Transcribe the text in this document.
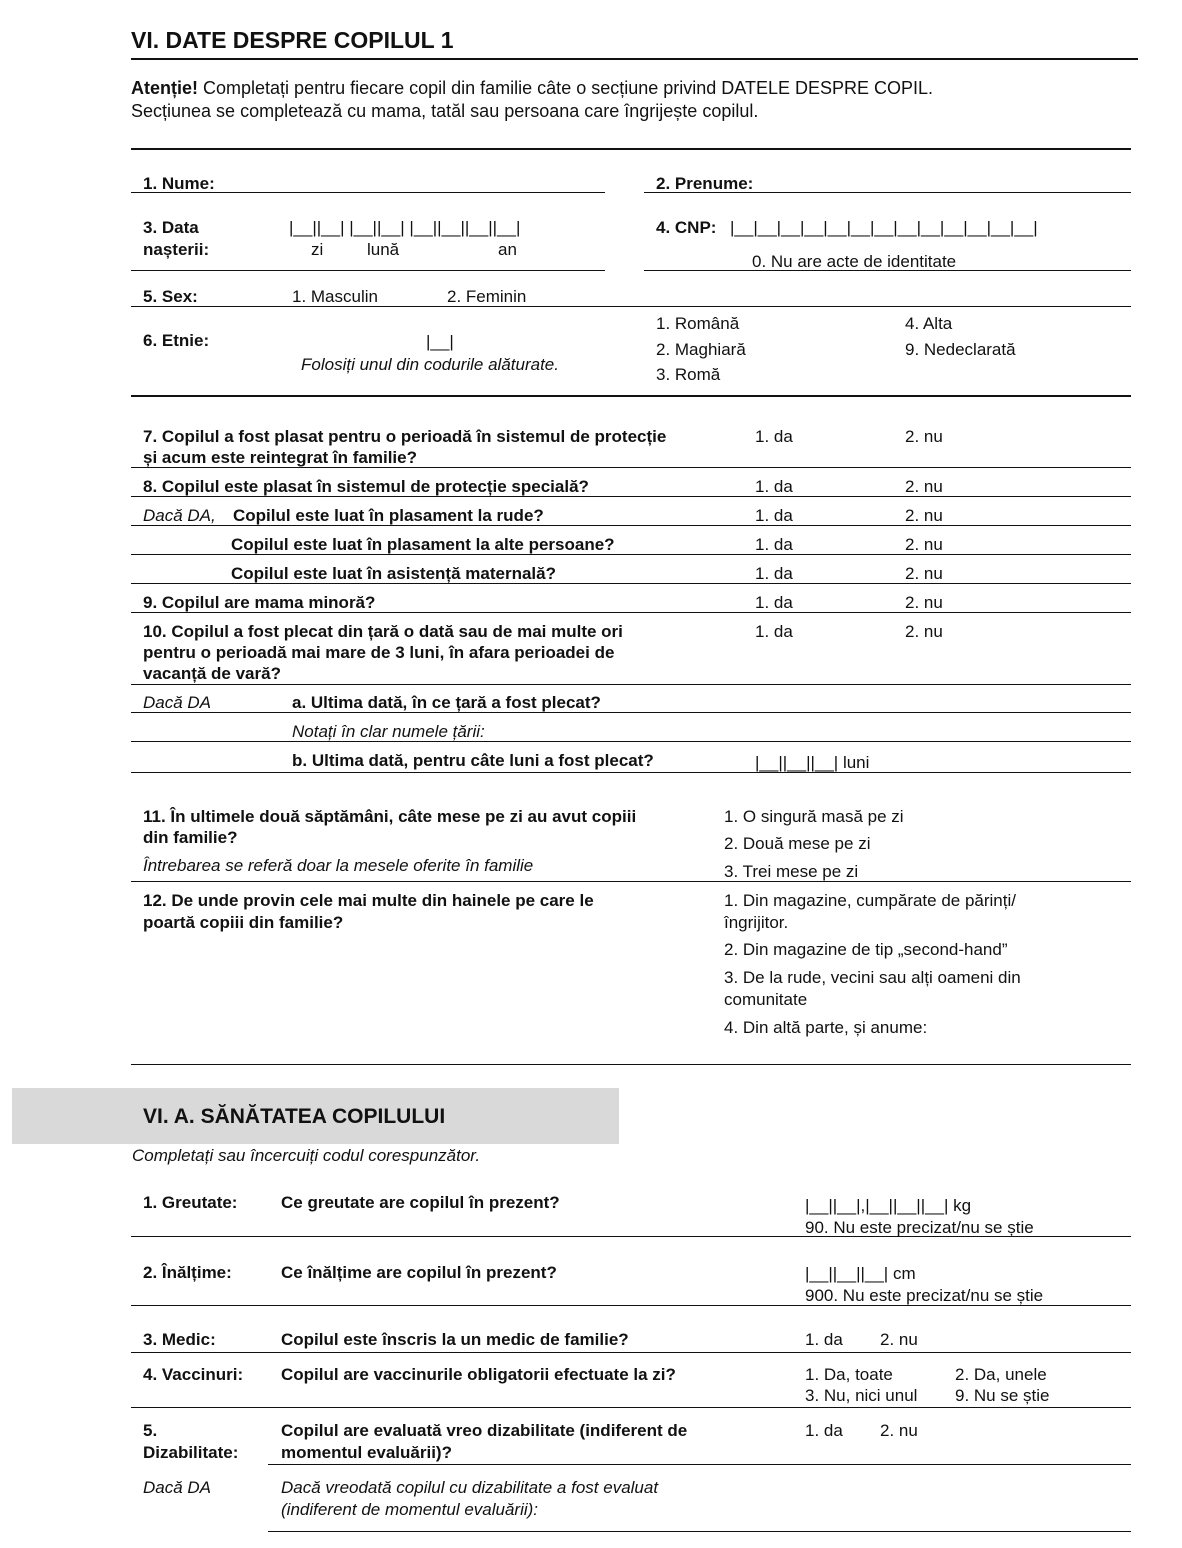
VI. DATE DESPRE COPILUL 1
Atenție! Completați pentru fiecare copil din familie câte o secțiune privind DATELE DESPRE COPIL.
Secțiunea se completează cu mama, tatăl sau persoana care îngrijește copilul.
1. Nume:	2. Prenume:
3. Data
nașterii:
|__||__| |__||__| |__||__||__||__|
zi	lună	an
4. CNP: |__|__|__|__|__|__|__|__|__|__|__|__|__|
0. Nu are acte de identitate
5. Sex:	1. Masculin	2. Feminin
6. Etnie:	|__|
Folosiți unul din codurile alăturate.
1. Română
2. Maghiară
3. Romă
4. Alta
9. Nedeclarată
7. Copilul a fost plasat pentru o perioadă în sistemul de protecție
și acum este reintegrat în familie?
1. da	2. nu
8. Copilul este plasat în sistemul de protecție specială?	1. da	2. nu
Dacă DA, Copilul este luat în plasament la rude?	1. da	2. nu
Copilul este luat în plasament la alte persoane?	1. da	2. nu
Copilul este luat în asistență maternală?	1. da	2. nu
9. Copilul are mama minoră?	1. da	2. nu
10. Copilul a fost plecat din țară o dată sau de mai multe ori
pentru o perioadă mai mare de 3 luni, în afara perioadei de
vacanță de vară?
1. da	2. nu
Dacă DA	a. Ultima dată, în ce țară a fost plecat?
Notați în clar numele țării:
b. Ultima dată, pentru câte luni a fost plecat?	|__||__||__| luni
11. În ultimele două săptămâni, câte mese pe zi au avut copiii
din familie?
Întrebarea se referă doar la mesele oferite în familie
1. O singură masă pe zi
2. Două mese pe zi
3. Trei mese pe zi
12. De unde provin cele mai multe din hainele pe care le
poartă copiii din familie?
1. Din magazine, cumpărate de părinți/
îngrijitor.
2. Din magazine de tip „second-hand”
3. De la rude, vecini sau alți oameni din
comunitate
4. Din altă parte, și anume:
VI. A. SĂNĂTATEA COPILULUI
Completați sau încercuiți codul corespunzător.
1. Greutate:	Ce greutate are copilul în prezent?	|__||__|,|__||__||__| kg
90. Nu este precizat/nu se știe
2. Înălțime:	Ce înălțime are copilul în prezent?	|__||__||__| cm
900. Nu este precizat/nu se știe
3. Medic:	Copilul este înscris la un medic de familie?	1. da 2. nu
4. Vaccinuri: Copilul are vaccinurile obligatorii efectuate la zi?	1. Da, toate	2. Da, unele
3. Nu, nici unul 9. Nu se știe
5.
Dizabilitate:
Copilul are evaluată vreo dizabilitate (indiferent de
momentul evaluării)?
1. da 2. nu
Dacă DA	Dacă vreodată copilul cu dizabilitate a fost evaluat
(indiferent de momentul evaluării):
